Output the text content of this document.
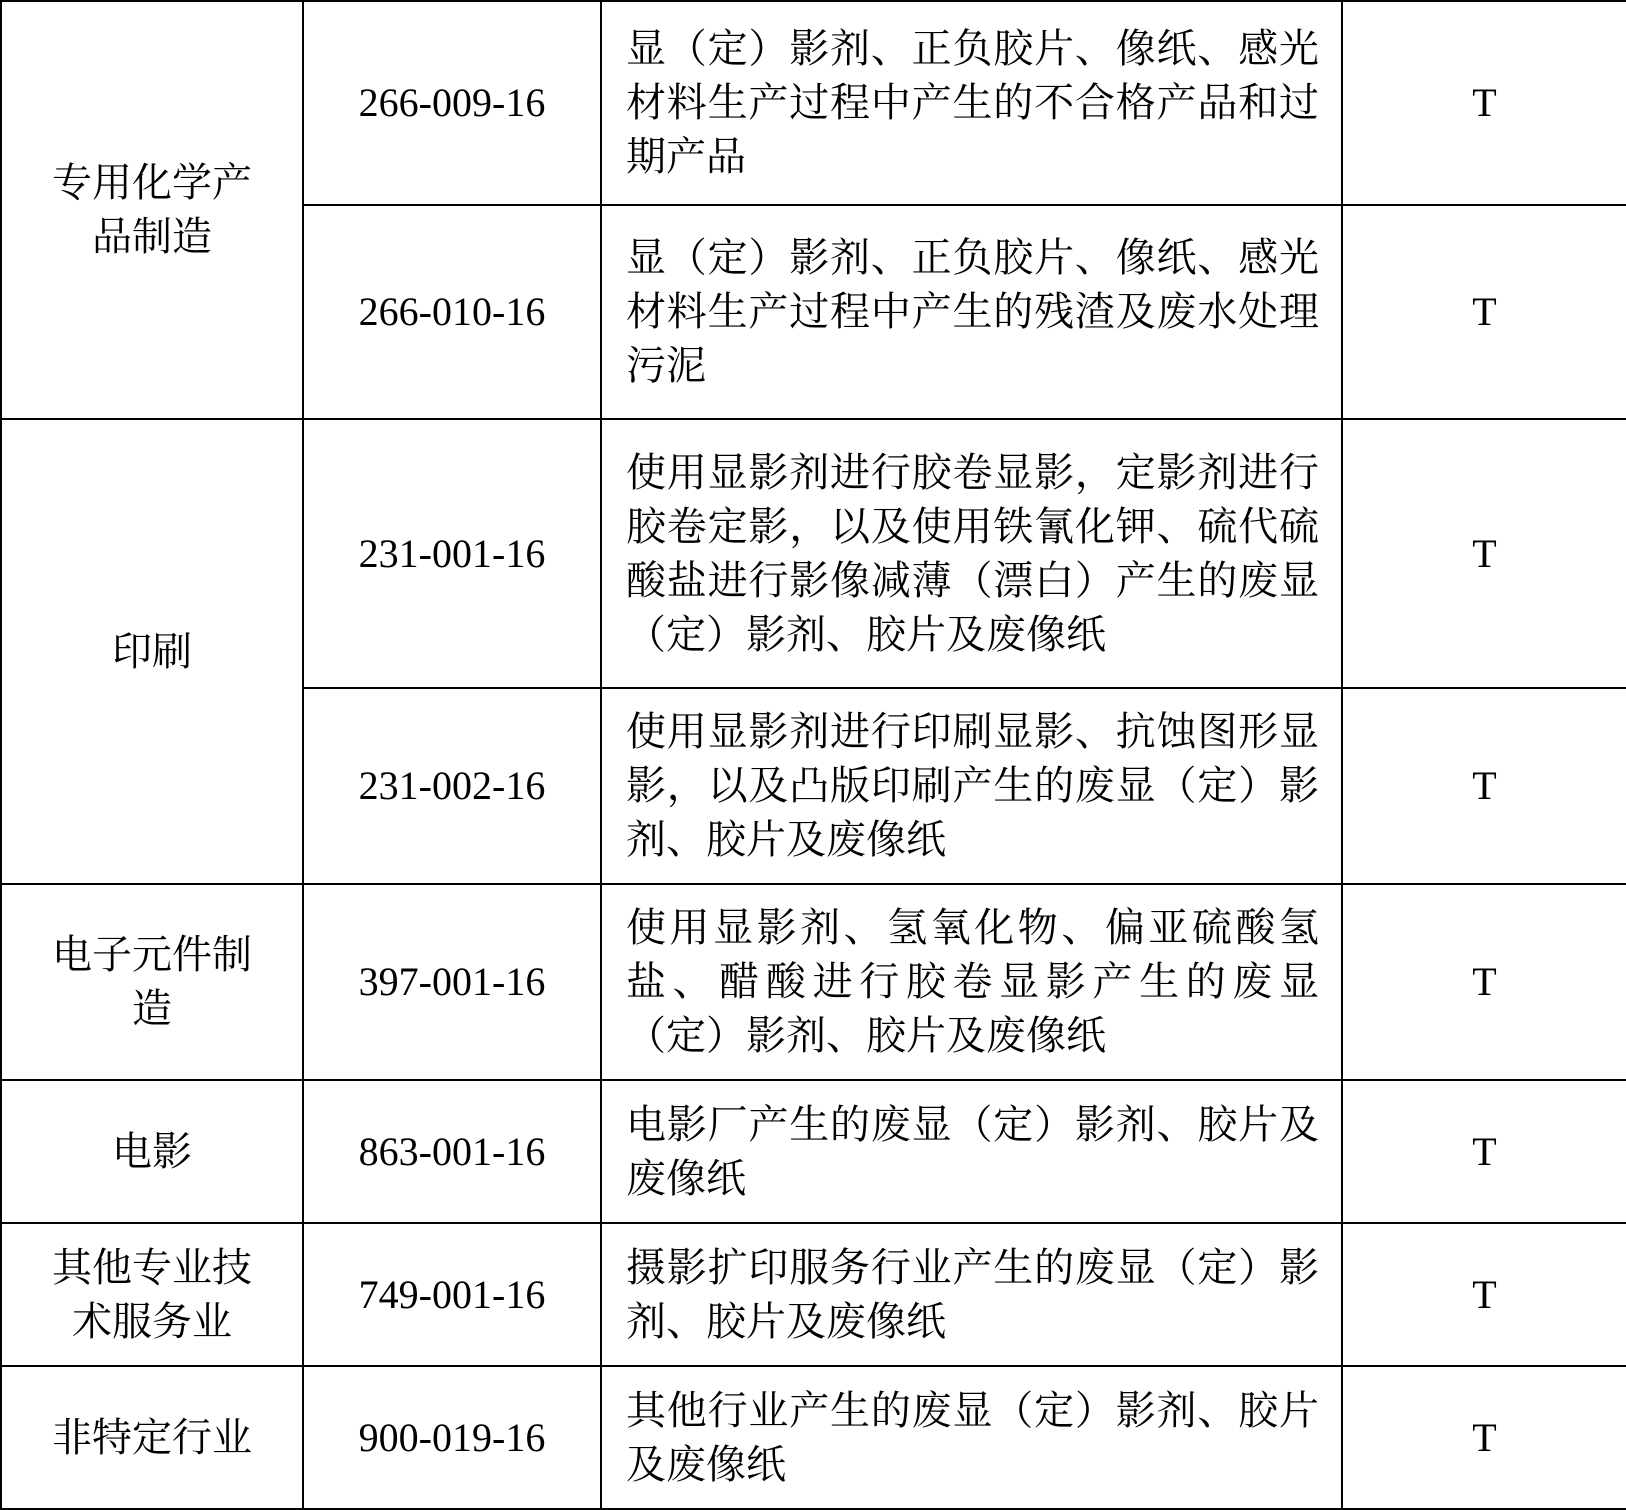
专用化学产品制造	266-009-16	显（定）影剂、正负胶片、像纸、感光材料生产过程中产生的不合格产品和过期产品	T
	266-010-16	显（定）影剂、正负胶片、像纸、感光材料生产过程中产生的残渣及废水处理污泥	T
印刷	231-001-16	使用显影剂进行胶卷显影，定影剂进行胶卷定影，以及使用铁氰化钾、硫代硫酸盐进行影像减薄（漂白）产生的废显（定）影剂、胶片及废像纸	T
	231-002-16	使用显影剂进行印刷显影、抗蚀图形显影，以及凸版印刷产生的废显（定）影剂、胶片及废像纸	T
电子元件制造	397-001-16	使用显影剂、氢氧化物、偏亚硫酸氢盐、醋酸进行胶卷显影产生的废显（定）影剂、胶片及废像纸	T
电影	863-001-16	电影厂产生的废显（定）影剂、胶片及废像纸	T
其他专业技术服务业	749-001-16	摄影扩印服务行业产生的废显（定）影剂、胶片及废像纸	T
非特定行业	900-019-16	其他行业产生的废显（定）影剂、胶片及废像纸	T
